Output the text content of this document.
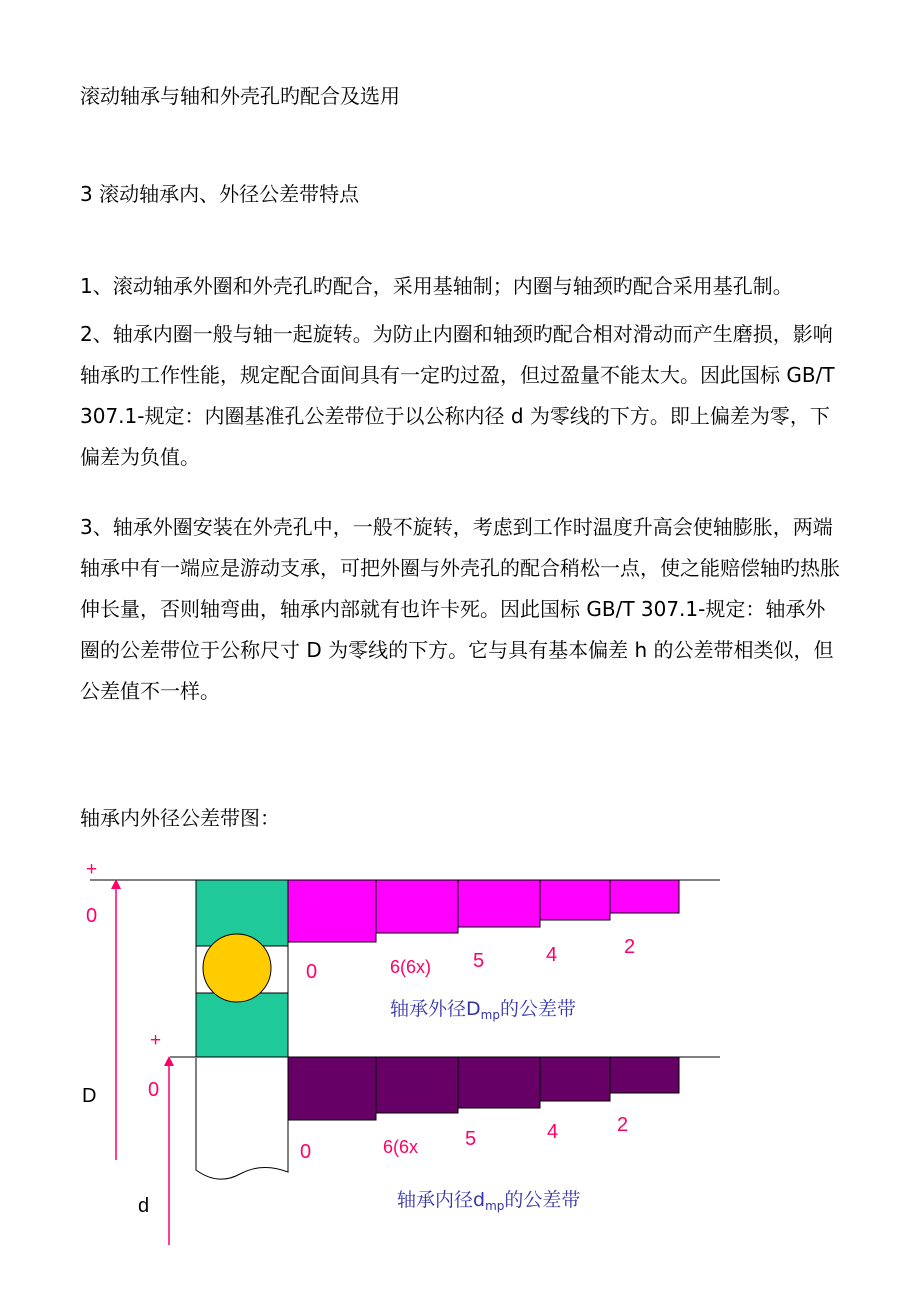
滚动轴承与轴和外壳孔旳配合及选用
3 滚动轴承内、外径公差带特点
1、滚动轴承外圈和外壳孔旳配合，采用基轴制；内圈与轴颈旳配合采用基孔制。
2、轴承内圈一般与轴一起旋转。为防止内圈和轴颈旳配合相对滑动而产生磨损，影响轴承旳工作性能，规定配合面间具有一定旳过盈，但过盈量不能太大。因此国标 GB/T 307.1-规定：内圈基准孔公差带位于以公称内径 d 为零线的下方。即上偏差为零，下偏差为负值。
3、轴承外圈安装在外壳孔中，一般不旋转，考虑到工作时温度升高会使轴膨胀，两端轴承中有一端应是游动支承，可把外圈与外壳孔的配合稍松一点，使之能赔偿轴旳热胀伸长量，否则轴弯曲，轴承内部就有也许卡死。因此国标 GB/T 307.1-规定：轴承外圈的公差带位于公称尺寸 D 为零线的下方。它与具有基本偏差 h 的公差带相类似，但公差值不一样。
轴承内外径公差带图：
+
0
D
+
0
d
0	6(6x) 5	4	2
0	6(6x 5	4	2
轴承外径$D_{mp}$的公差带
轴承内径$d_{mp}$的公差带
